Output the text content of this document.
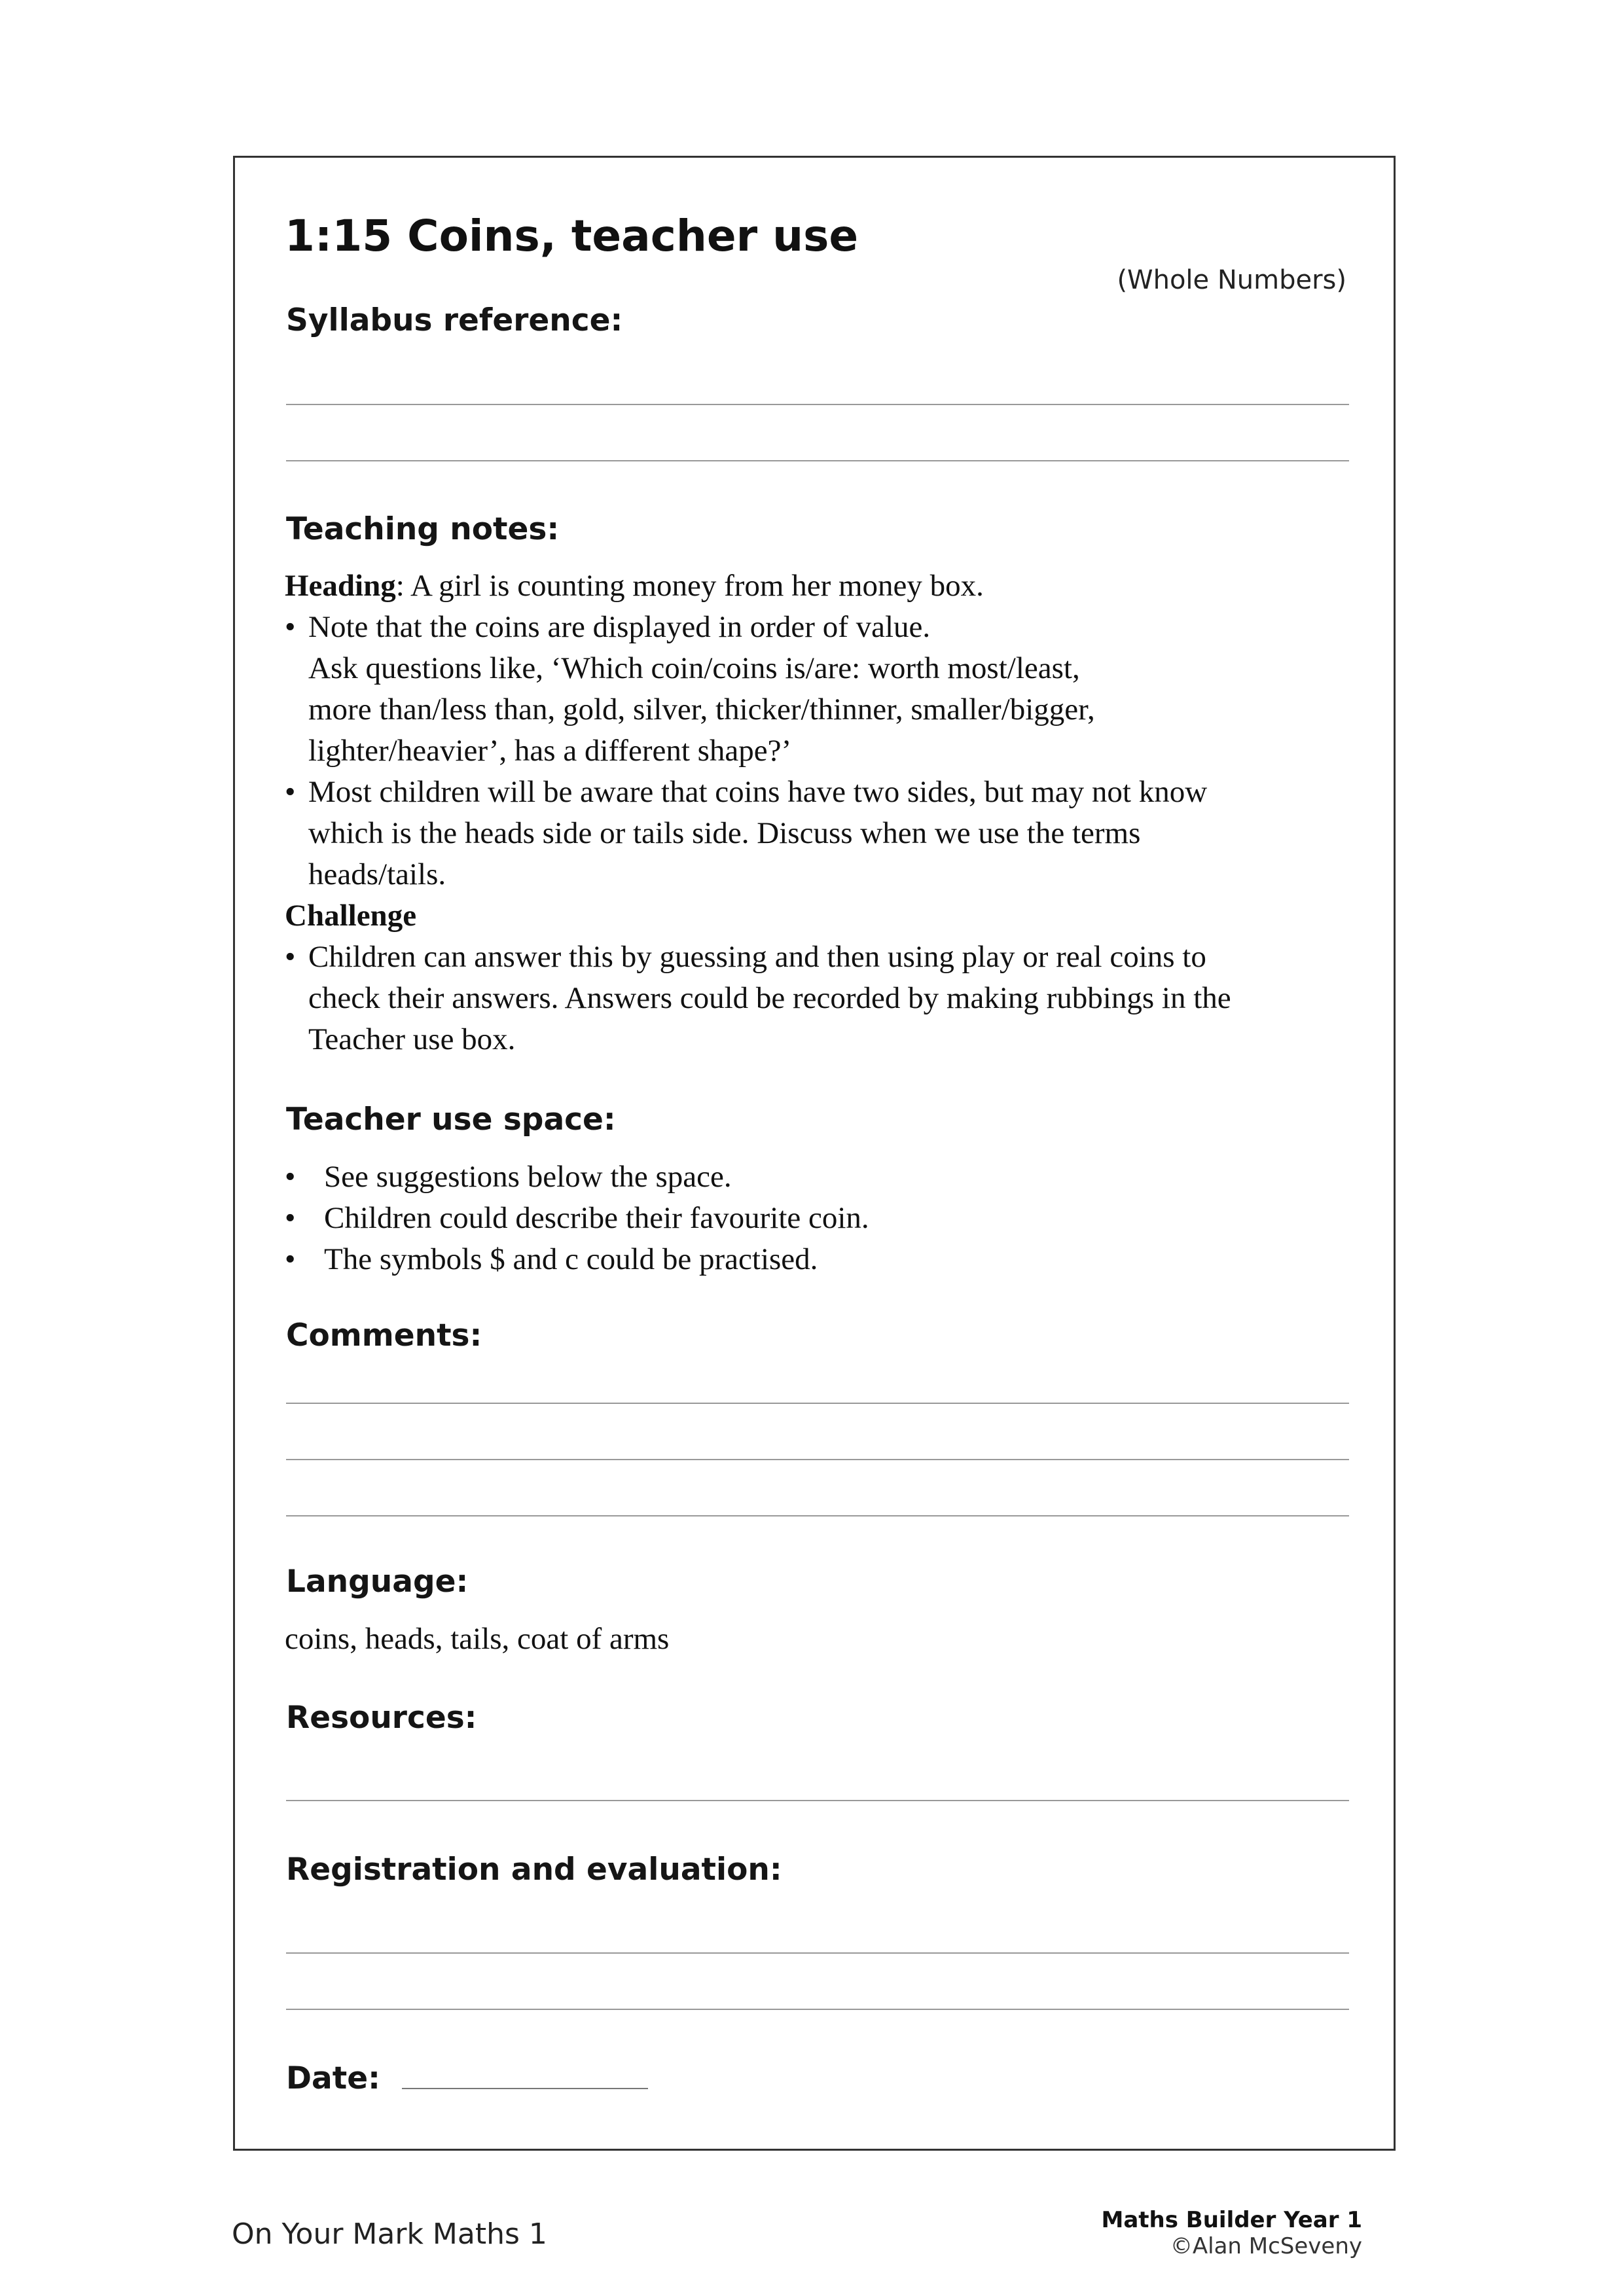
1:15 Coins, teacher use
(Whole Numbers)
Syllabus reference:
Teaching notes:
Heading: A girl is counting money from her money box.
• Note that the coins are displayed in order of value.
Ask questions like, ‘Which coin/coins is/are: worth most/least,
more than/less than, gold, silver, thicker/thinner, smaller/bigger,
lighter/heavier’, has a different shape?’
• Most children will be aware that coins have two sides, but may not know
which is the heads side or tails side. Discuss when we use the terms
heads/tails.
Challenge
• Children can answer this by guessing and then using play or real coins to
check their answers. Answers could be recorded by making rubbings in the
Teacher use box.
Teacher use space:
• See suggestions below the space.
• Children could describe their favourite coin.
• The symbols $ and c could be practised.
Comments:
Language:
coins, heads, tails, coat of arms
Resources:
Registration and evaluation:
Date:
On Your Mark Maths 1	Maths Builder Year 1
©Alan McSeveny
